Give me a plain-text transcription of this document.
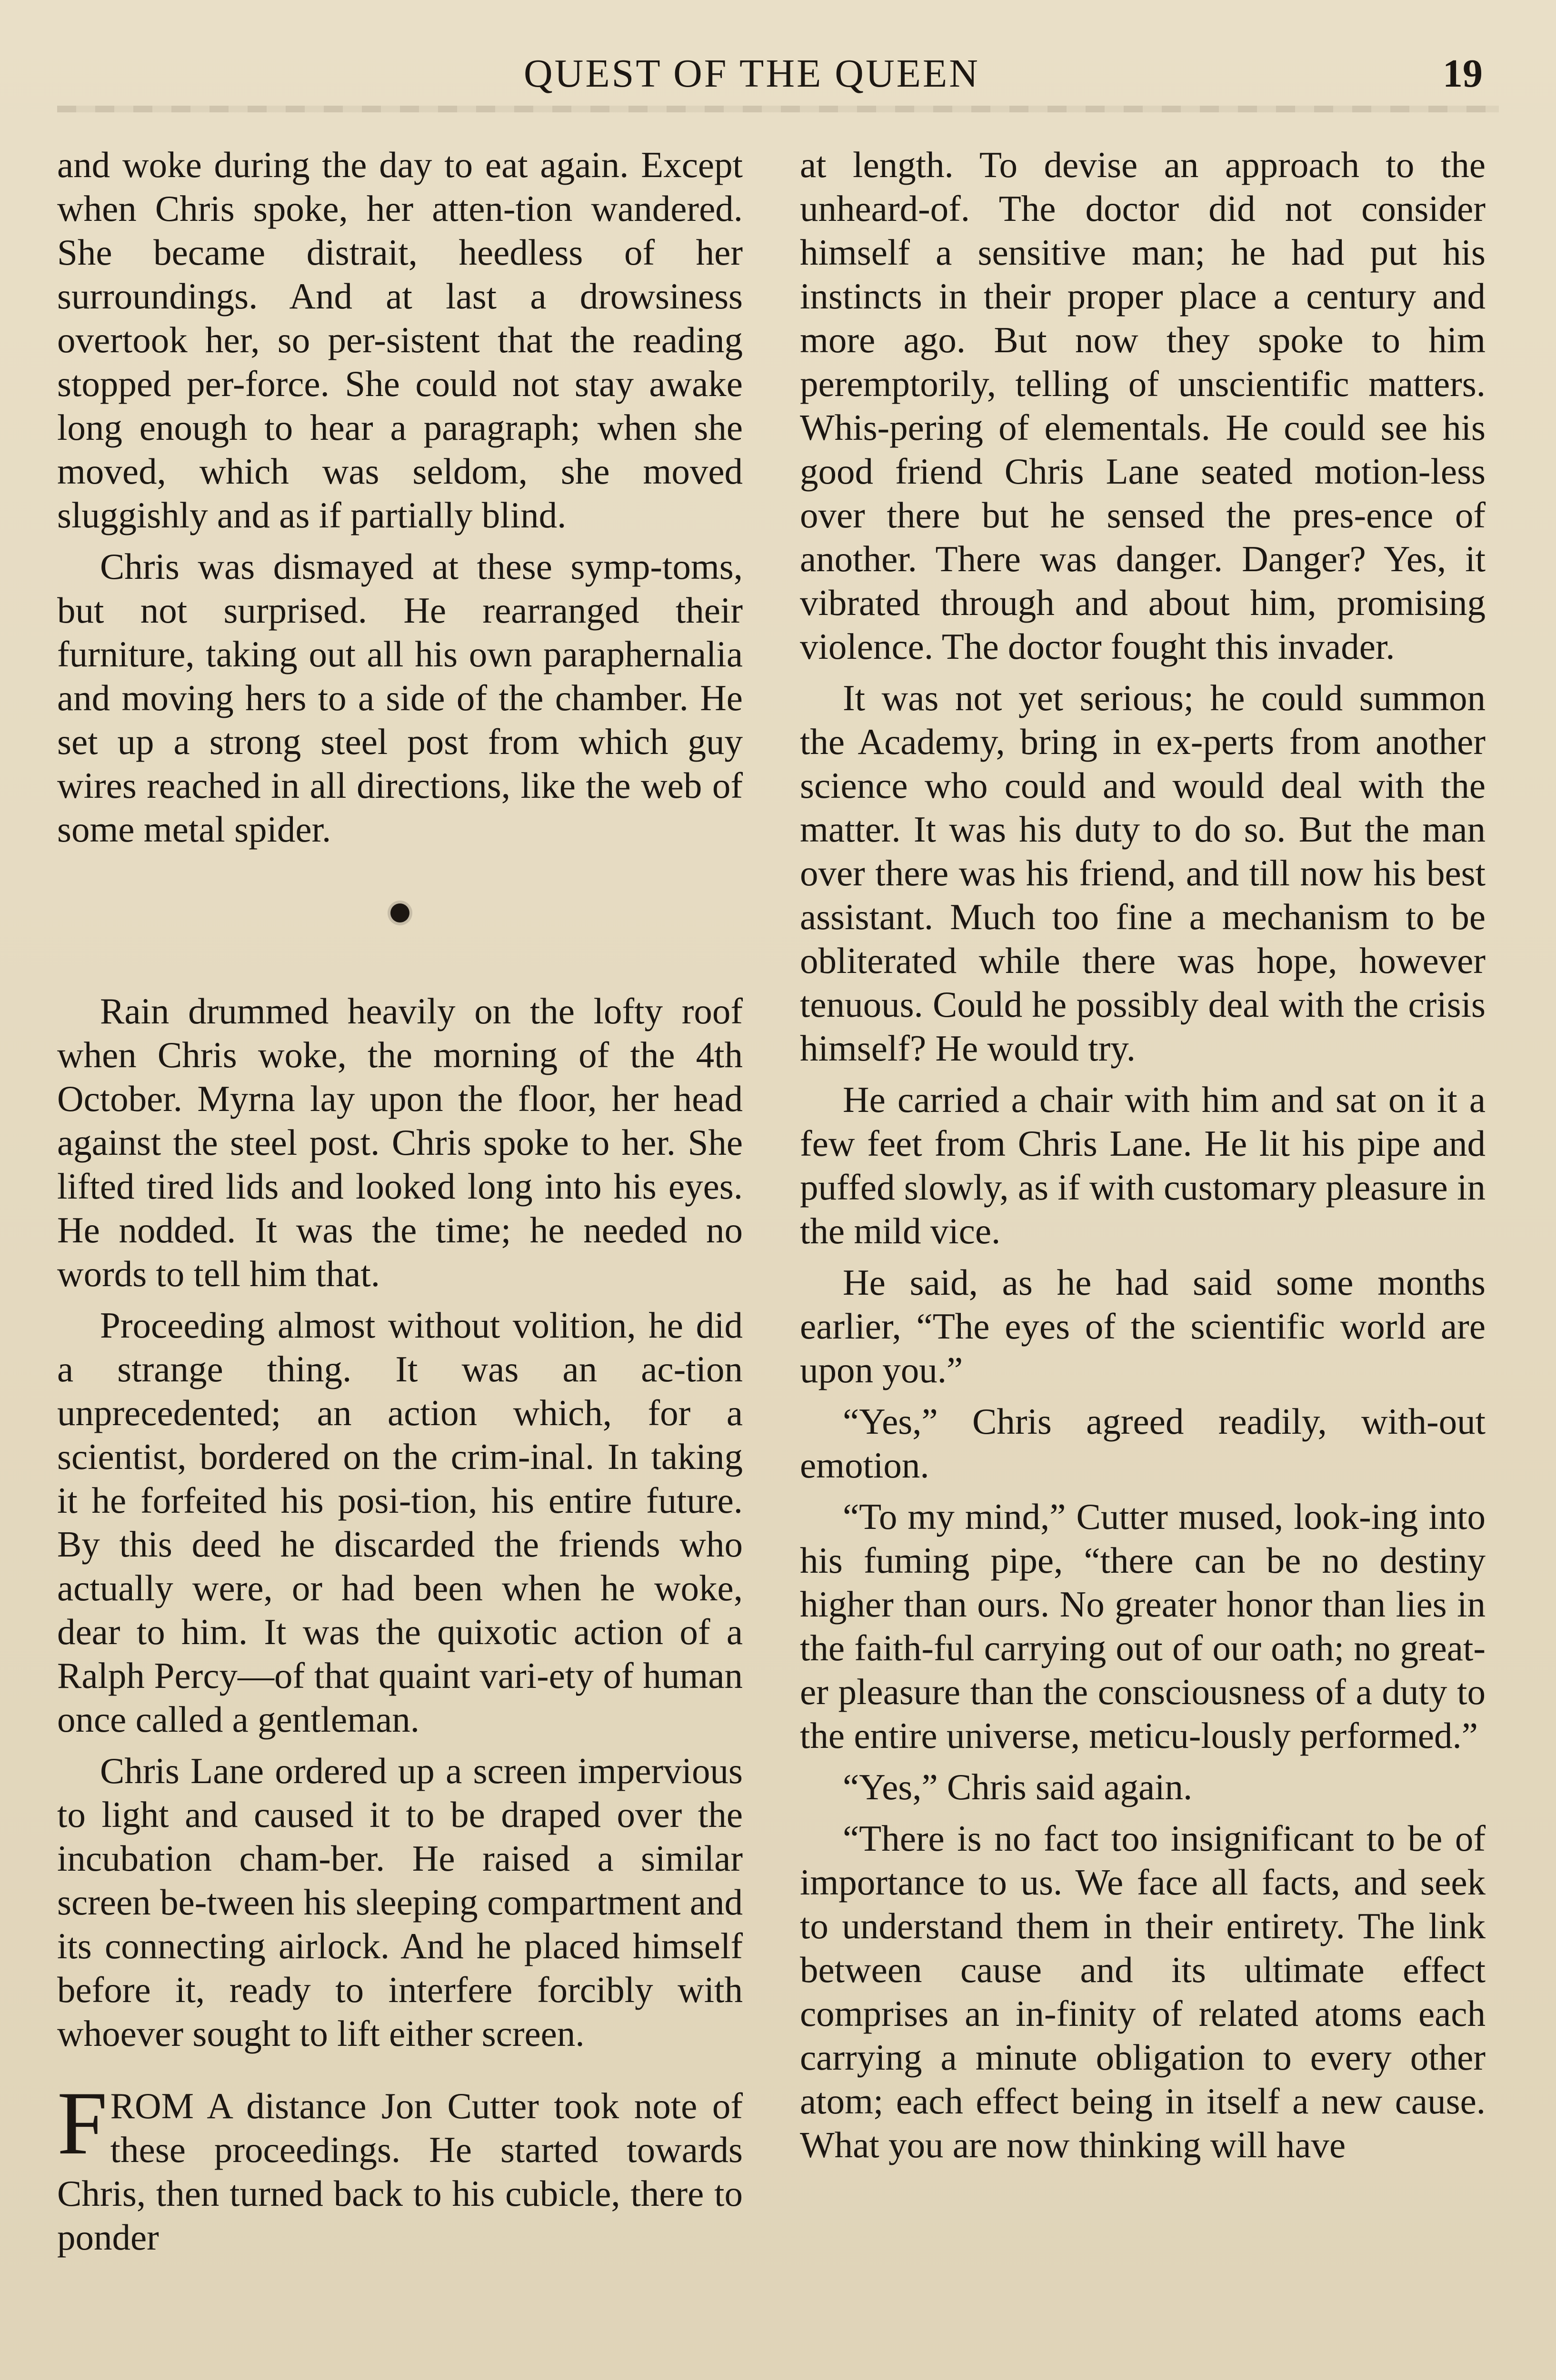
QUEST OF THE QUEEN	19

and woke during the day to eat again. Except when Chris spoke, her atten-tion wandered. She became distrait, heedless of her surroundings. And at last a drowsiness overtook her, so per-sistent that the reading stopped per-force. She could not stay awake long enough to hear a paragraph; when she moved, which was seldom, she moved sluggishly and as if partially blind.

Chris was dismayed at these symp-toms, but not surprised. He rearranged their furniture, taking out all his own paraphernalia and moving hers to a side of the chamber. He set up a strong steel post from which guy wires reached in all directions, like the web of some metal spider.

Rain drummed heavily on the lofty roof when Chris woke, the morning of the 4th October. Myrna lay upon the floor, her head against the steel post. Chris spoke to her. She lifted tired lids and looked long into his eyes. He nodded. It was the time; he needed no words to tell him that.

Proceeding almost without volition, he did a strange thing. It was an ac-tion unprecedented; an action which, for a scientist, bordered on the crim-inal. In taking it he forfeited his posi-tion, his entire future. By this deed he discarded the friends who actually were, or had been when he woke, dear to him. It was the quixotic action of a Ralph Percy—of that quaint vari-ety of human once called a gentleman.

Chris Lane ordered up a screen impervious to light and caused it to be draped over the incubation cham-ber. He raised a similar screen be-tween his sleeping compartment and its connecting airlock. And he placed himself before it, ready to interfere forcibly with whoever sought to lift either screen.

FROM A distance Jon Cutter took note of these proceedings. He started towards Chris, then turned back to his cubicle, there to ponder

at length. To devise an approach to the unheard-of. The doctor did not consider himself a sensitive man; he had put his instincts in their proper place a century and more ago. But now they spoke to him peremptorily, telling of unscientific matters. Whis-pering of elementals. He could see his good friend Chris Lane seated motion-less over there but he sensed the pres-ence of another. There was danger. Danger? Yes, it vibrated through and about him, promising violence. The doctor fought this invader.

It was not yet serious; he could summon the Academy, bring in ex-perts from another science who could and would deal with the matter. It was his duty to do so. But the man over there was his friend, and till now his best assistant. Much too fine a mechanism to be obliterated while there was hope, however tenuous. Could he possibly deal with the crisis himself? He would try.

He carried a chair with him and sat on it a few feet from Chris Lane. He lit his pipe and puffed slowly, as if with customary pleasure in the mild vice.

He said, as he had said some months earlier, “The eyes of the scientific world are upon you.”

“Yes,” Chris agreed readily, with-out emotion.

“To my mind,” Cutter mused, look-ing into his fuming pipe, “there can be no destiny higher than ours. No greater honor than lies in the faith-ful carrying out of our oath; no great-er pleasure than the consciousness of a duty to the entire universe, meticu-lously performed.”

“Yes,” Chris said again.

“There is no fact too insignificant to be of importance to us. We face all facts, and seek to understand them in their entirety. The link between cause and its ultimate effect comprises an in-finity of related atoms each carrying a minute obligation to every other atom; each effect being in itself a new cause. What you are now thinking will have
